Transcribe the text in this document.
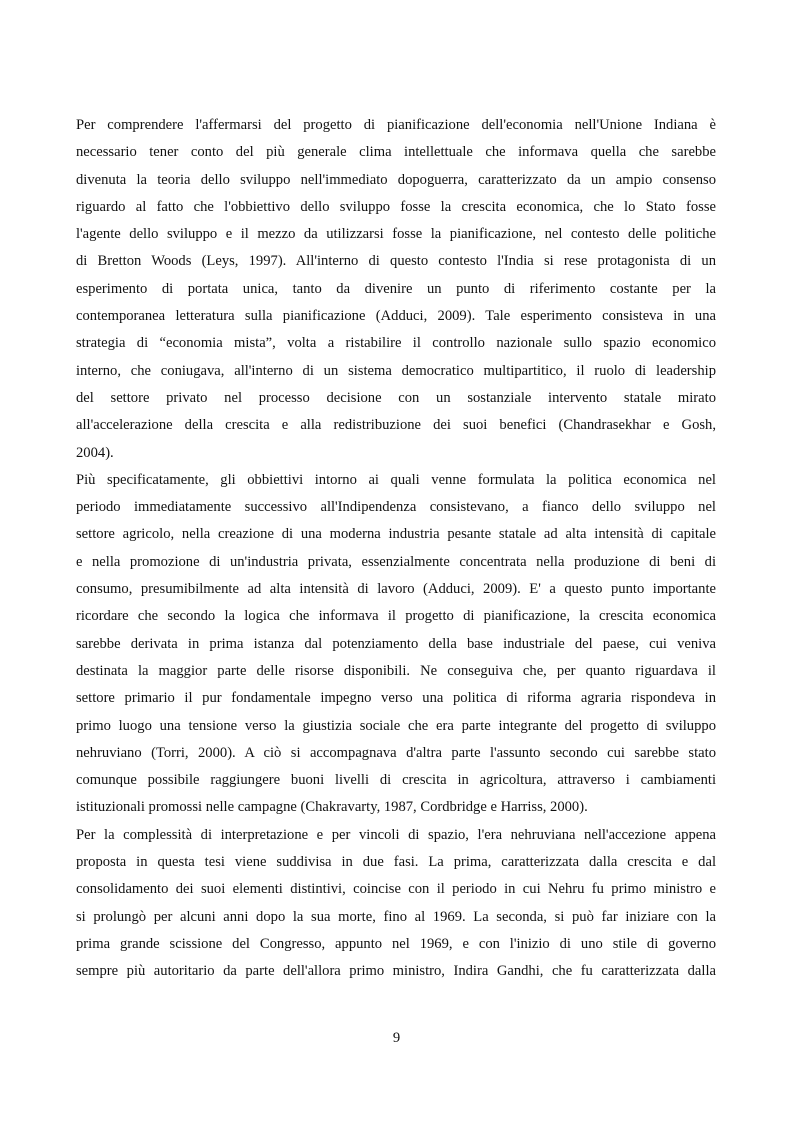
Per comprendere l'affermarsi del progetto di pianificazione dell'economia nell'Unione Indiana è
necessario tener conto del più generale clima intellettuale che informava quella che sarebbe
divenuta la teoria dello sviluppo nell'immediato dopoguerra, caratterizzato da un ampio consenso
riguardo al fatto che l'obbiettivo dello sviluppo fosse la crescita economica, che lo Stato fosse
l'agente dello sviluppo e il mezzo da utilizzarsi fosse la pianificazione, nel contesto delle politiche
di Bretton Woods (Leys, 1997). All'interno di questo contesto l'India si rese protagonista di un
esperimento di portata unica, tanto da divenire un punto di riferimento costante per la
contemporanea letteratura sulla pianificazione (Adduci, 2009). Tale esperimento consisteva in una
strategia di “economia mista”, volta a ristabilire il controllo nazionale sullo spazio economico
interno, che coniugava, all'interno di un sistema democratico multipartitico, il ruolo di leadership
del settore privato nel processo decisione con un sostanziale intervento statale mirato
all'accelerazione della crescita e alla redistribuzione dei suoi benefici (Chandrasekhar e Gosh,
2004).
Più specificatamente, gli obbiettivi intorno ai quali venne formulata la politica economica nel
periodo immediatamente successivo all'Indipendenza consistevano, a fianco dello sviluppo nel
settore agricolo, nella creazione di una moderna industria pesante statale ad alta intensità di capitale
e nella promozione di un'industria privata, essenzialmente concentrata nella produzione di beni di
consumo, presumibilmente ad alta intensità di lavoro (Adduci, 2009). E' a questo punto importante
ricordare che secondo la logica che informava il progetto di pianificazione, la crescita economica
sarebbe derivata in prima istanza dal potenziamento della base industriale del paese, cui veniva
destinata la maggior parte delle risorse disponibili. Ne conseguiva che, per quanto riguardava il
settore primario il pur fondamentale impegno verso una politica di riforma agraria rispondeva in
primo luogo una tensione verso la giustizia sociale che era parte integrante del progetto di sviluppo
nehruviano (Torri, 2000). A ciò si accompagnava d'altra parte l'assunto secondo cui sarebbe stato
comunque possibile raggiungere buoni livelli di crescita in agricoltura, attraverso i cambiamenti
istituzionali promossi nelle campagne (Chakravarty, 1987, Cordbridge e Harriss, 2000).
Per la complessità di interpretazione e per vincoli di spazio, l'era nehruviana nell'accezione appena
proposta in questa tesi viene suddivisa in due fasi. La prima, caratterizzata dalla crescita e dal
consolidamento dei suoi elementi distintivi, coincise con il periodo in cui Nehru fu primo ministro e
si prolungò per alcuni anni dopo la sua morte, fino al 1969. La seconda, si può far iniziare con la
prima grande scissione del Congresso, appunto nel 1969, e con l'inizio di uno stile di governo
sempre più autoritario da parte dell'allora primo ministro, Indira Gandhi, che fu caratterizzata dalla
9
